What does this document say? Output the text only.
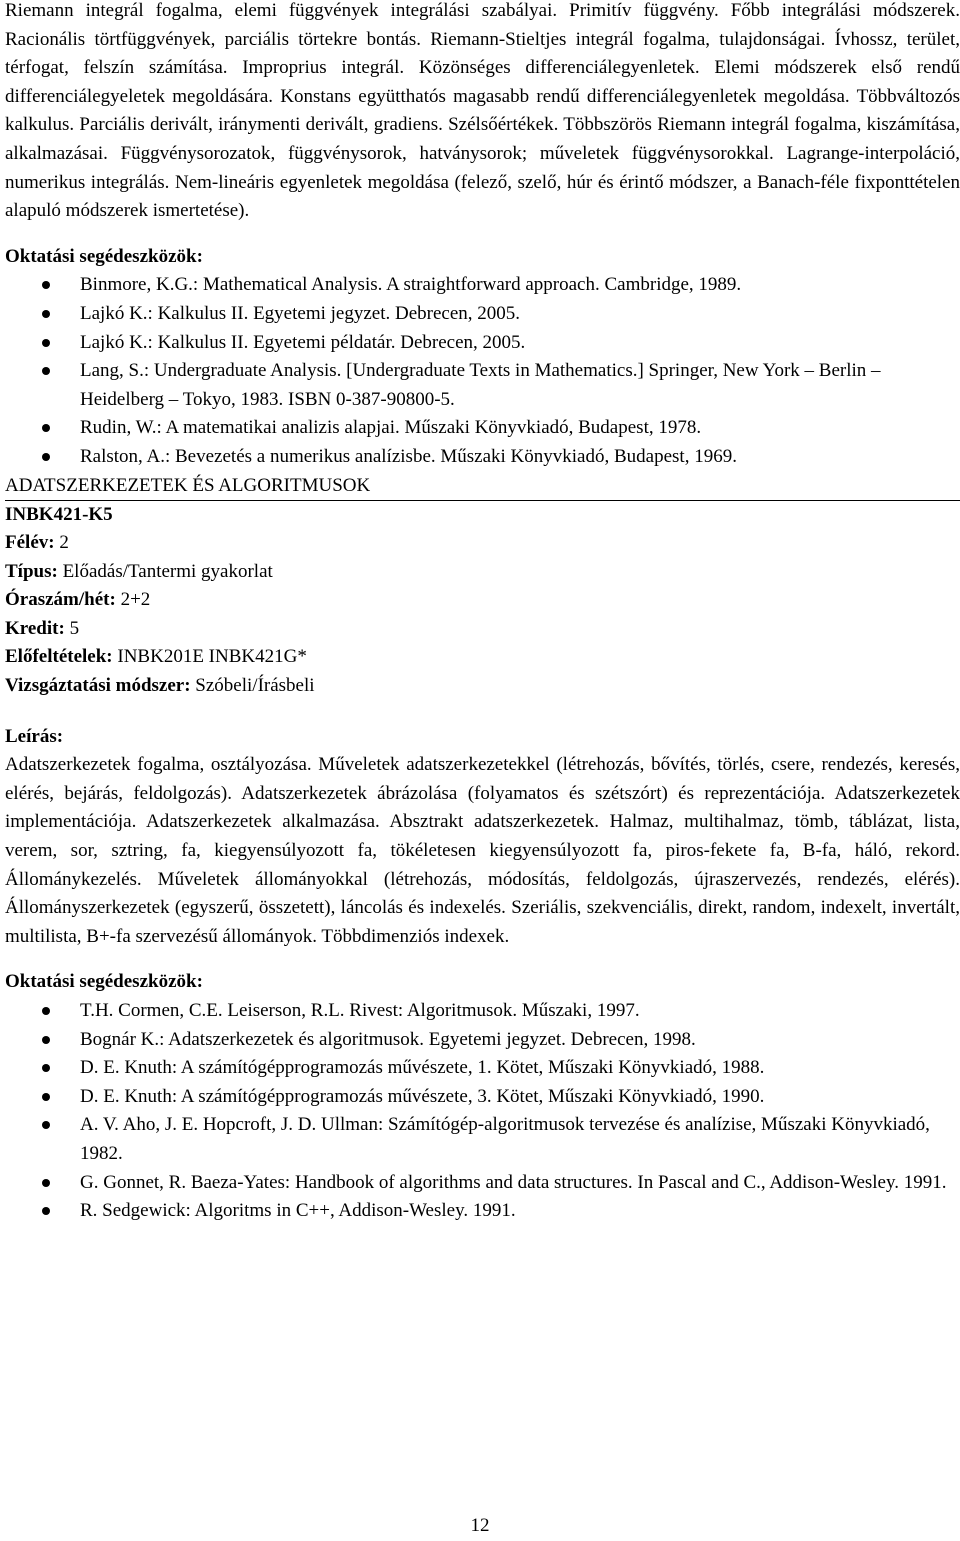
Riemann integrál fogalma, elemi függvények integrálási szabályai. Primitív függvény. Főbb integrálási módszerek. Racionális törtfüggvények, parciális törtekre bontás. Riemann-Stieltjes integrál fogalma, tulajdonságai. Ívhossz, terület, térfogat, felszín számítása. Improprius integrál. Közönséges differenciálegyenletek. Elemi módszerek első rendű differenciálegyeletek megoldására. Konstans együtthatós magasabb rendű differenciálegyenletek megoldása. Többváltozós kalkulus. Parciális derivált, iránymenti derivált, gradiens. Szélsőértékek. Többszörös Riemann integrál fogalma, kiszámítása, alkalmazásai. Függvénysorozatok, függvénysorok, hatványsorok; műveletek függvénysorokkal. Lagrange-interpoláció, numerikus integrálás. Nem-lineáris egyenletek megoldása (felező, szelő, húr és érintő módszer, a Banach-féle fixponttételen alapuló módszerek ismertetése).

Oktatási segédeszközök:

Binmore, K.G.: Mathematical Analysis. A straightforward approach. Cambridge, 1989.
Lajkó K.: Kalkulus II. Egyetemi jegyzet. Debrecen, 2005.
Lajkó K.: Kalkulus II. Egyetemi példatár. Debrecen, 2005.
Lang, S.: Undergraduate Analysis. [Undergraduate Texts in Mathematics.] Springer, New York – Berlin – Heidelberg – Tokyo, 1983. ISBN 0-387-90800-5.
Rudin, W.: A matematikai analizis alapjai. Műszaki Könyvkiadó, Budapest, 1978.
Ralston, A.: Bevezetés a numerikus analízisbe. Műszaki Könyvkiadó, Budapest, 1969.

ADATSZERKEZETEK ÉS ALGORITMUSOK

INBK421-K5

Félév: 2

Típus: Előadás/Tantermi gyakorlat

Óraszám/hét: 2+2

Kredit: 5

Előfeltételek: INBK201E INBK421G*

Vizsgáztatási módszer: Szóbeli/Írásbeli

Leírás:

Adatszerkezetek fogalma, osztályozása. Műveletek adatszerkezetekkel (létrehozás, bővítés, törlés, csere, rendezés, keresés, elérés, bejárás, feldolgozás). Adatszerkezetek ábrázolása (folyamatos és szétszórt) és reprezentációja. Adatszerkezetek implementációja. Adatszerkezetek alkalmazása. Absztrakt adatszerkezetek. Halmaz, multihalmaz, tömb, táblázat, lista, verem, sor, sztring, fa, kiegyensúlyozott fa, tökéletesen kiegyensúlyozott fa, piros-fekete fa, B-fa, háló, rekord. Állománykezelés. Műveletek állományokkal (létrehozás, módosítás, feldolgozás, újraszervezés, rendezés, elérés). Állományszerkezetek (egyszerű, összetett), láncolás és indexelés. Szeriális, szekvenciális, direkt, random, indexelt, invertált, multilista, B+-fa szervezésű állományok. Többdimenziós indexek.

Oktatási segédeszközök:

T.H. Cormen, C.E. Leiserson, R.L. Rivest: Algoritmusok. Műszaki, 1997.
Bognár K.: Adatszerkezetek és algoritmusok. Egyetemi jegyzet. Debrecen, 1998.
D. E. Knuth: A számítógépprogramozás művészete, 1. Kötet, Műszaki Könyvkiadó, 1988.
D. E. Knuth: A számítógépprogramozás művészete, 3. Kötet, Műszaki Könyvkiadó, 1990.
A. V. Aho, J. E. Hopcroft, J. D. Ullman: Számítógép-algoritmusok tervezése és analízise, Műszaki Könyvkiadó, 1982.
G. Gonnet, R. Baeza-Yates: Handbook of algorithms and data structures. In Pascal and C., Addison-Wesley. 1991.
R. Sedgewick: Algoritms in C++, Addison-Wesley. 1991.
12
